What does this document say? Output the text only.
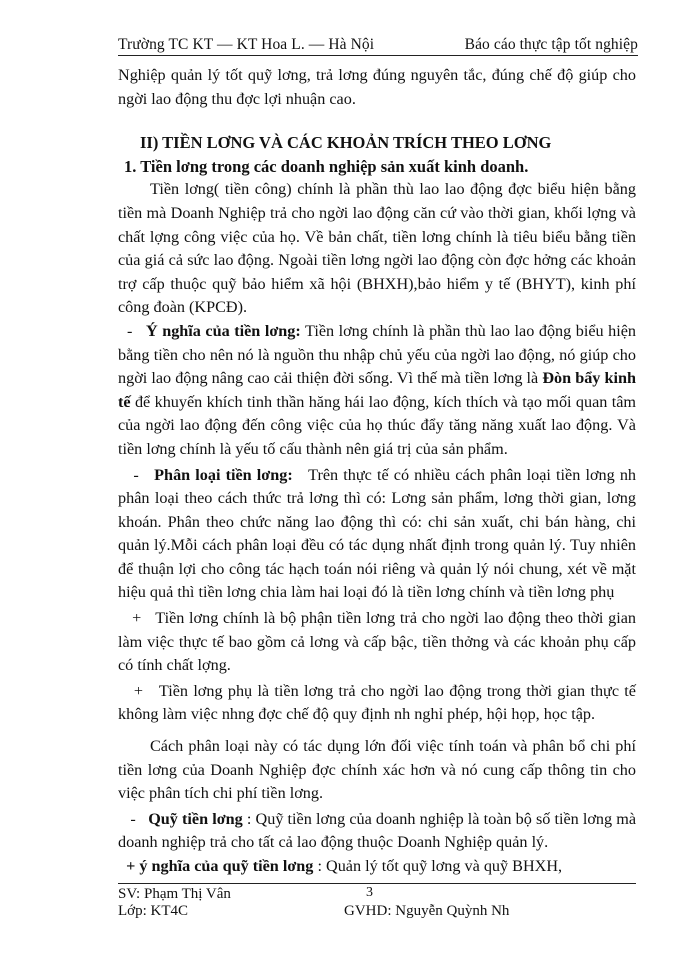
Trường TC KT — KT Hoa L. — Hà Nội	Báo cáo thực tập tốt nghiệp

Nghiệp quản lý tốt quỹ lơng, trả lơng đúng nguyên tắc, đúng chế độ giúp cho ngời lao động thu đợc lợi nhuận cao.

II) TIỀN LƠNG VÀ CÁC KHOẢN TRÍCH THEO LƠNG

1. Tiền lơng trong các doanh nghiệp sản xuất kinh doanh.

Tiền lơng( tiền công) chính là phần thù lao lao động đợc biểu hiện bằng tiền mà Doanh Nghiệp trả cho ngời lao động căn cứ vào thời gian, khối lợng và chất lợng công việc của họ. Về bản chất, tiền lơng chính là tiêu biểu bằng tiền của giá cả sức lao động. Ngoài tiền lơng ngời lao động còn đợc hởng các khoản trợ cấp thuộc quỹ bảo hiểm xã hội (BHXH),bảo hiểm y tế (BHYT), kinh phí công đoàn (KPCĐ).

-   Ý nghĩa của tiền lơng: Tiền lơng chính là phần thù lao lao động biểu hiện bằng tiền cho nên nó là nguồn thu nhập chủ yếu của ngời lao động, nó giúp cho ngời lao động nâng cao cải thiện đời sống. Vì thế mà tiền lơng là Đòn bẩy kinh tế để khuyến khích tinh thần hăng hái lao động, kích thích và tạo mối quan tâm của ngời lao động đến công việc của họ thúc đẩy tăng năng xuất lao động. Và tiền lơng chính là yếu tố cấu thành nên giá trị của sản phẩm.

-   Phân loại tiền lơng: Trên thực tế có nhiều cách phân loại tiền lơng nh phân loại theo cách thức trả lơng thì có: Lơng sản phẩm, lơng thời gian, lơng khoán. Phân theo chức năng lao động thì có: chi sản xuất, chi bán hàng, chi quản lý.Mỗi cách phân loại đều có tác dụng nhất định trong quản lý. Tuy nhiên để thuận lợi cho công tác hạch toán nói riêng và quản lý nói chung, xét về mặt hiệu quả thì tiền lơng chia làm hai loại đó là tiền lơng chính và tiền lơng phụ

+   Tiền lơng chính là bộ phận tiền lơng trả cho ngời lao động theo thời gian làm việc thực tế bao gồm cả lơng và cấp bậc, tiền thởng và các khoản phụ cấp có tính chất lợng.

+   Tiền lơng phụ là tiền lơng trả cho ngời lao động trong thời gian thực tế không làm việc nhng đợc chế độ quy định nh nghỉ phép, hội họp, học tập.

Cách phân loại này có tác dụng lớn đối việc tính toán và phân bổ chi phí tiền lơng của Doanh Nghiệp đợc chính xác hơn và nó cung cấp thông tin cho việc phân tích chi phí tiền lơng.

-   Quỹ tiền lơng : Quỹ tiền lơng của doanh nghiệp là toàn bộ số tiền lơng mà doanh nghiệp trả cho tất cả lao động thuộc Doanh Nghiệp quản lý.

+ ý nghĩa của quỹ tiền lơng : Quản lý tốt quỹ lơng và quỹ BHXH,

3
SV: Phạm Thị Vân
Lớp: KT4C	GVHD: Nguyễn Quỳnh Nh
